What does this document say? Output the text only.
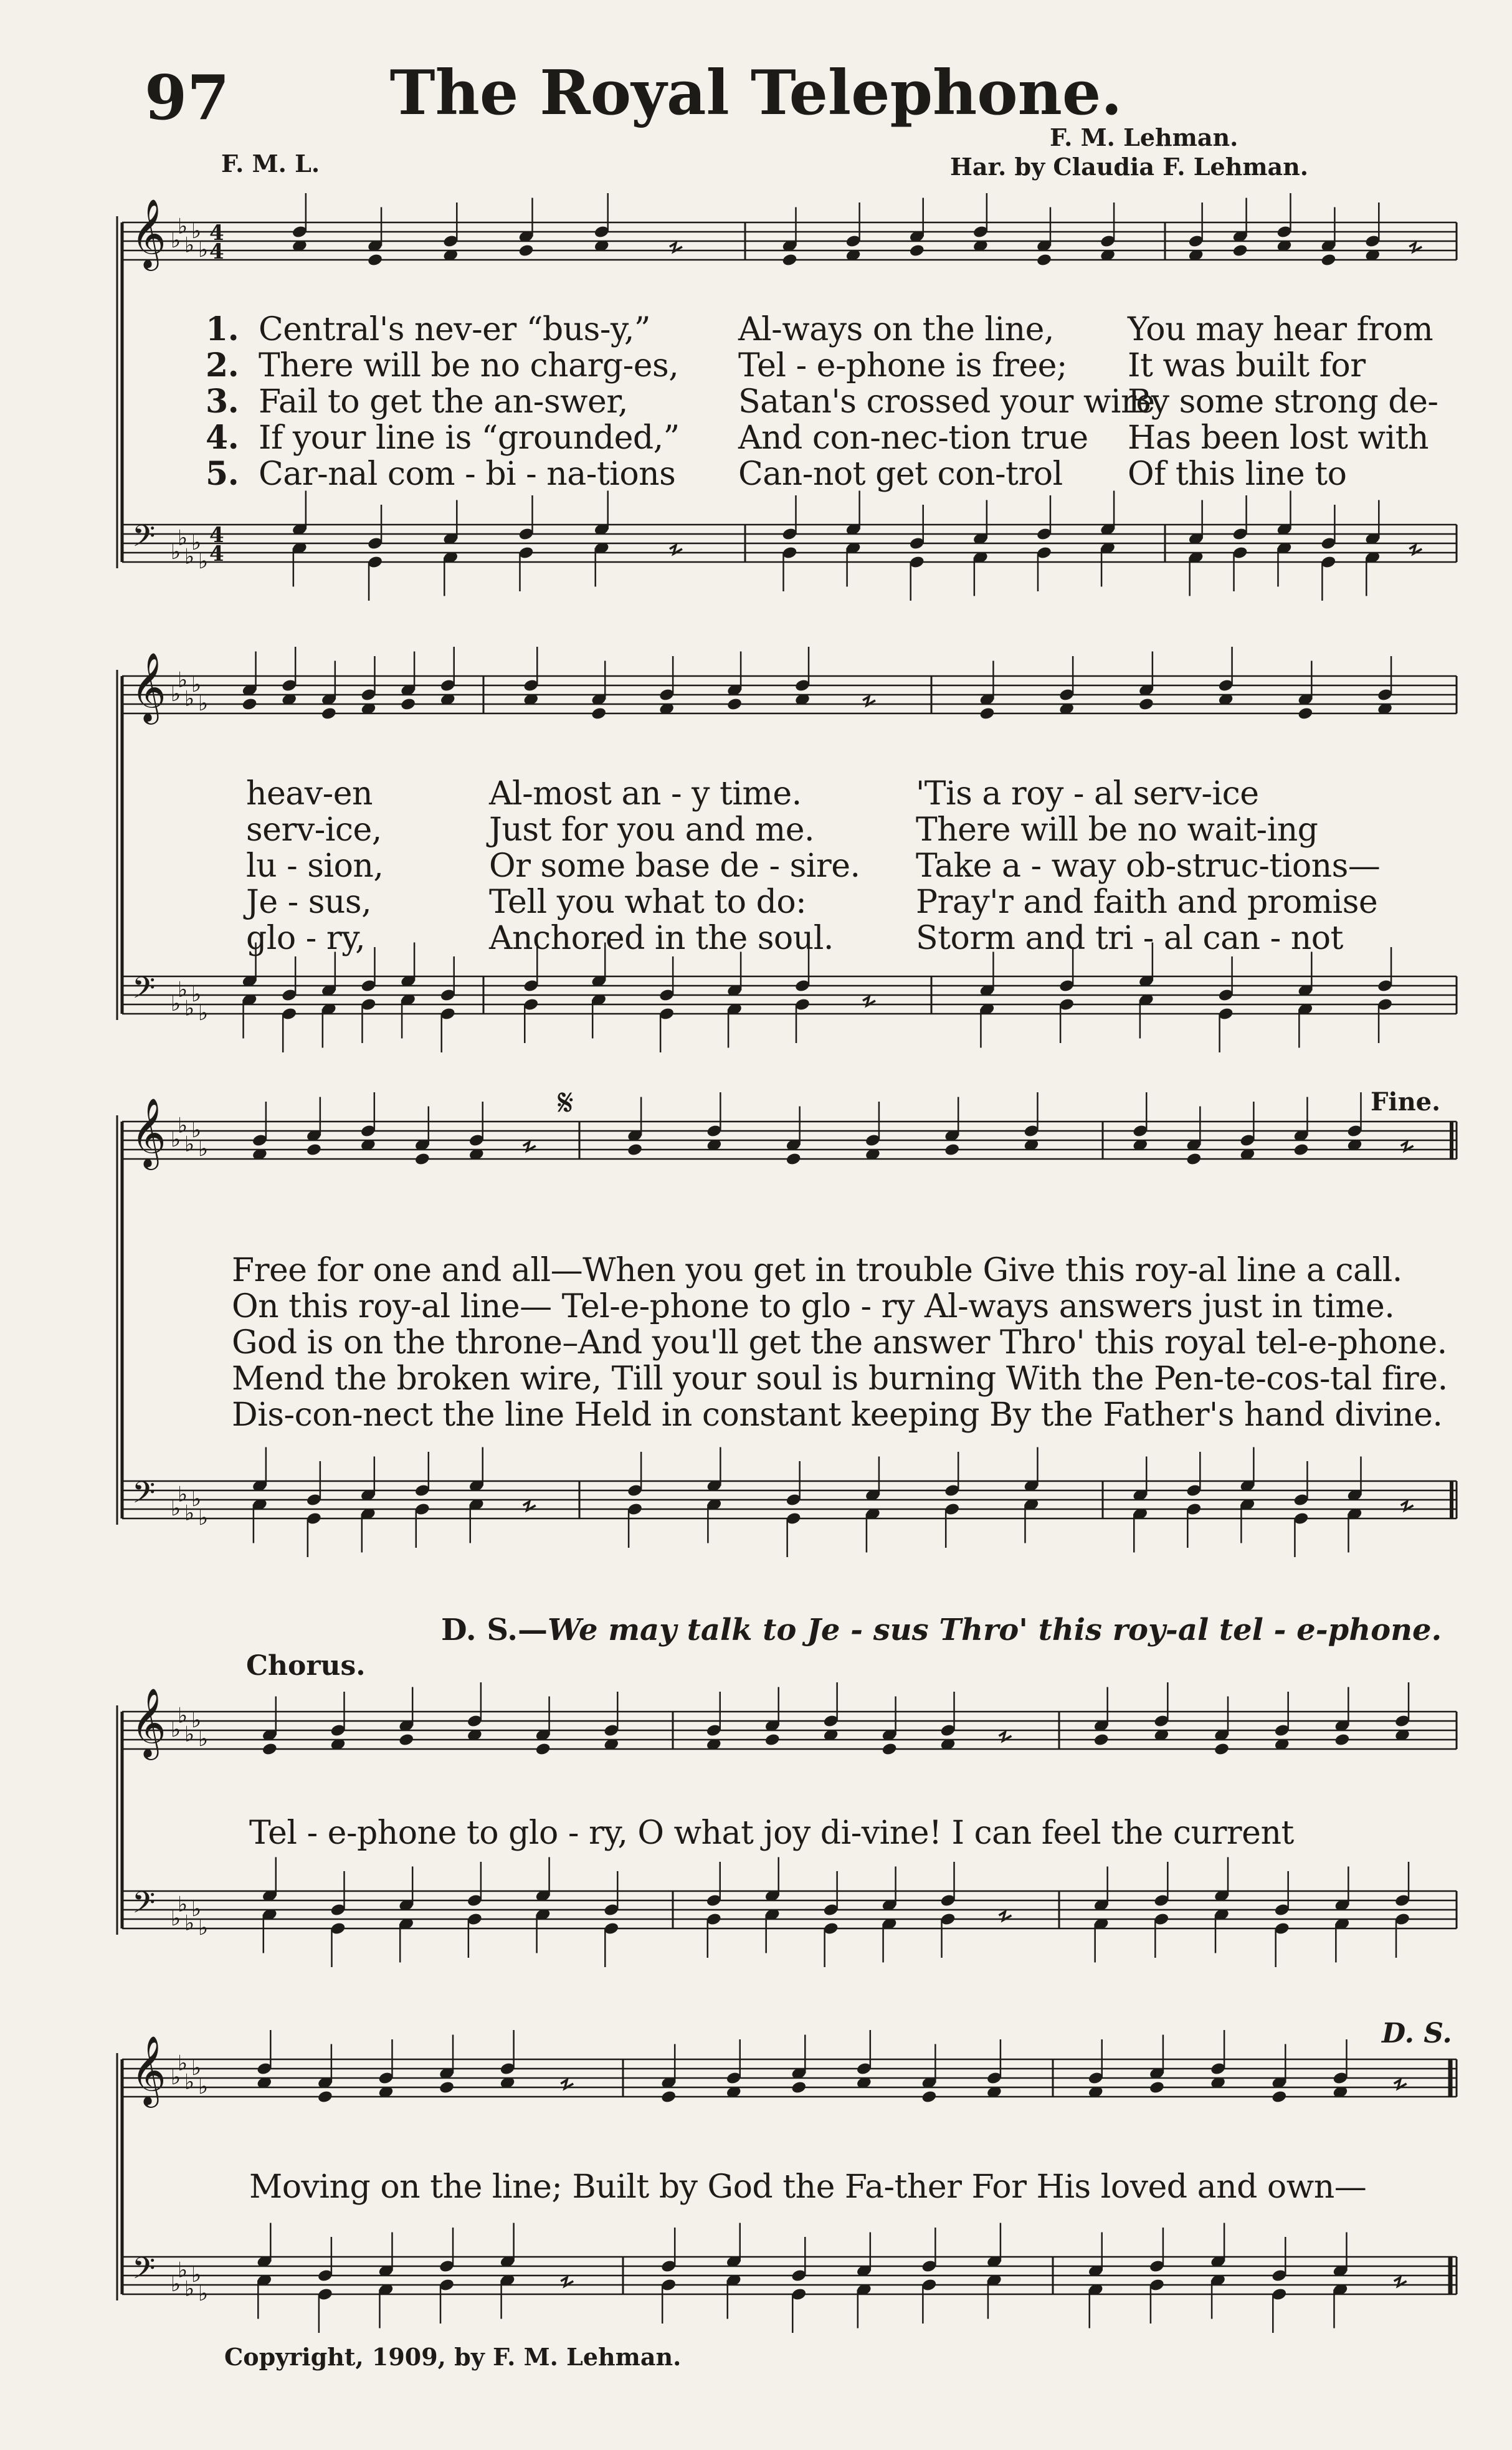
97	The Royal Telephone.
F. M. L.
F. M. Lehman.
Har. by Claudia F. Lehman.
𝄞
𝄢
♭
♭
♭
♭
♭
♭
♭
♭
♭
♭
4
4
4
4
𝄞
𝄢
♭
♭
♭
♭
♭
♭
♭
♭
♭
♭
𝄞
𝄢
♭
♭
♭
♭
♭
♭
♭
♭
♭
♭
𝄞
𝄢
♭
♭
♭
♭
♭
♭
♭
♭
♭
♭
𝄞
𝄢
♭
♭
♭
♭
♭
♭
♭
♭
♭
♭
𝄋
1.
2.
3.
4.
5.
Central's nev-er “bus-y,”
There will be no charg-es,
Fail to get the an-swer,
If your line is “grounded,”
Car-nal com - bi - na-tions
Al-ways on the line,
Tel - e-phone is free;
Satan's crossed your wire
And con-nec-tion true
Can-not get con-trol
You may hear from
It was built for
By some strong de-
Has been lost with
Of this line to
heav-en
serv-ice,
lu - sion,
Je - sus,
glo - ry,
Al-most an - y time.
Just for you and me.
Or some base de - sire.
Tell you what to do:
Anchored in the soul.
'Tis a roy - al serv-ice
There will be no wait-ing
Take a - way ob-struc-tions—
Pray'r and faith and promise
Storm and tri - al can - not
Fine.
Free for one and all—When you get in trouble Give this roy-al line a call.
On this roy-al line— Tel-e-phone to glo - ry Al-ways answers just in time.
God is on the throne–And you'll get the answer Thro' this royal tel-e-phone.
Mend the broken wire, Till your soul is burning With the Pen-te-cos-tal fire.
Dis-con-nect the line Held in constant keeping By the Father's hand divine.
D. S.—We may talk to Je - sus Thro' this roy-al tel - e-phone.
Chorus.
Tel - e-phone to glo - ry, O what joy di-vine! I can feel the current
D. S.
Moving on the line; Built by God the Fa-ther For His loved and own—
Copyright, 1909, by F. M. Lehman.
